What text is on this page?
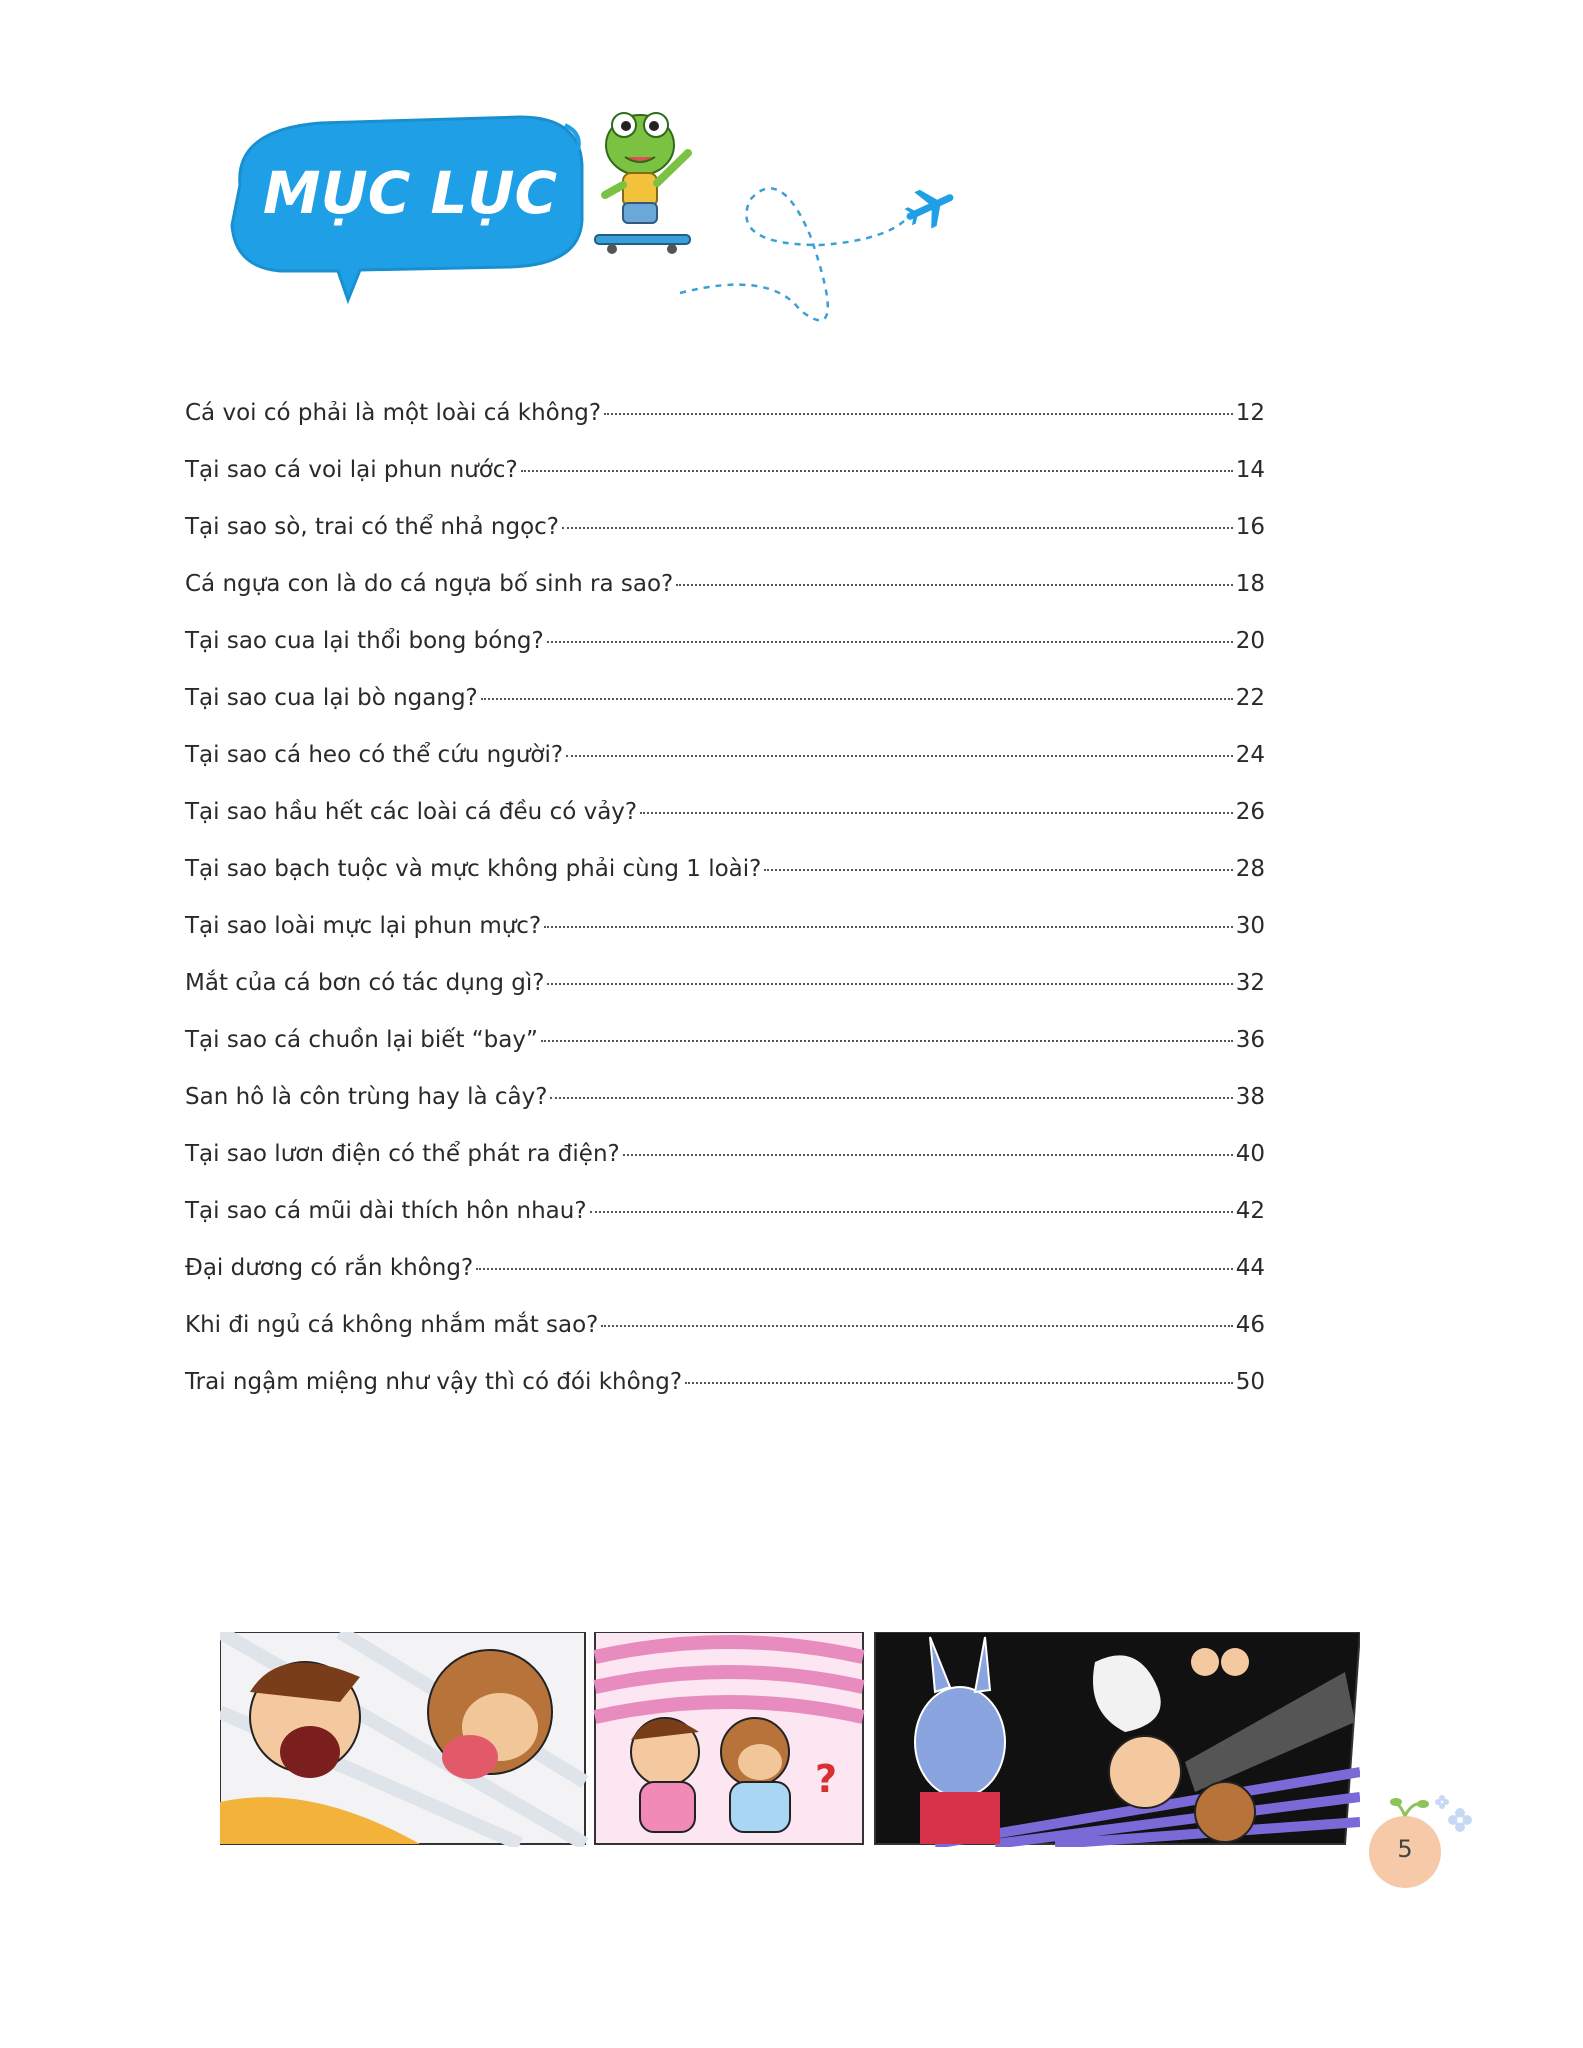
MỤC LỤC
Cá voi có phải là một loài cá không?	12
Tại sao cá voi lại phun nước?	14
Tại sao sò, trai có thể nhả ngọc?	16
Cá ngựa con là do cá ngựa bố sinh ra sao?	18
Tại sao cua lại thổi bong bóng?	20
Tại sao cua lại bò ngang?	22
Tại sao cá heo có thể cứu người?	24
Tại sao hầu hết các loài cá đều có vảy?	26
Tại sao bạch tuộc và mực không phải cùng 1 loài?	28
Tại sao loài mực lại phun mực?	30
Mắt của cá bơn có tác dụng gì?	32
Tại sao cá chuồn lại biết “bay”	36
San hô là côn trùng hay là cây?	38
Tại sao lươn điện có thể phát ra điện?	40
Tại sao cá mũi dài thích hôn nhau?	42
Đại dương có rắn không?	44
Khi đi ngủ cá không nhắm mắt sao?	46
Trai ngậm miệng như vậy thì có đói không?	50
?
5
